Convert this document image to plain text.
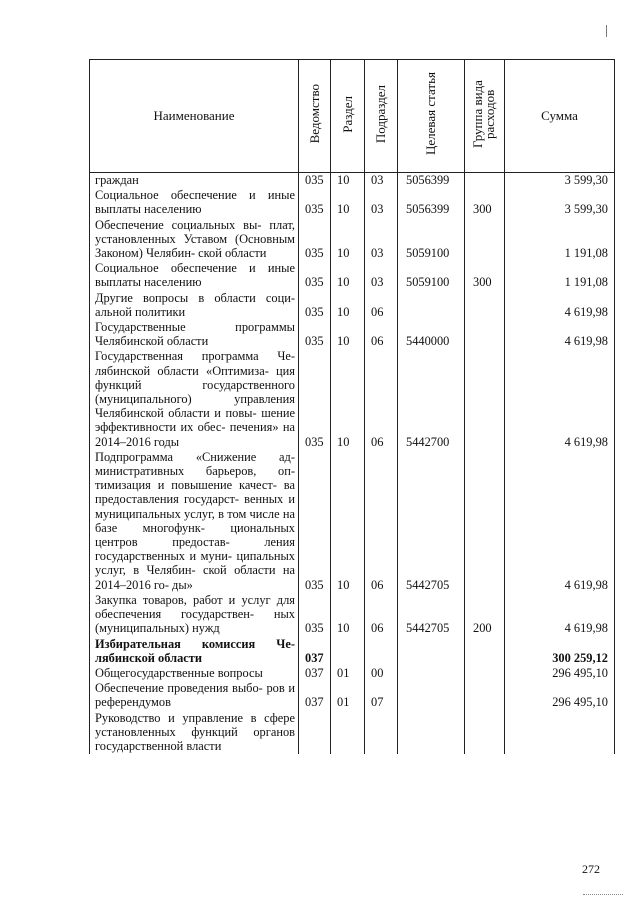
Наименование	Ведомство	Раздел	Подраздел	Целевая статья	Группа вида расходов	Сумма
граждан	035	10	03	5056399		3 599,30
Социальное обеспечение и иные выплаты населению	035	10	03	5056399	300	3 599,30
Обеспечение социальных вы- плат, установленных Уставом (Основным Законом) Челябин- ской области	035	10	03	5059100		1 191,08
Социальное обеспечение и иные выплаты населению	035	10	03	5059100	300	1 191,08
Другие вопросы в области соци- альной политики	035	10	06			4 619,98
Государственные программы Челябинской области	035	10	06	5440000		4 619,98
Государственная программа Че- лябинской области «Оптимиза- ция функций государственного (муниципального) управления Челябинской области и повы- шение эффективности их обес- печения» на 2014–2016 годы	035	10	06	5442700		4 619,98
Подпрограмма «Снижение ад- министративных барьеров, оп- тимизация и повышение качест- ва предоставления государст- венных и муниципальных услуг, в том числе на базе многофунк- циональных центров предостав- ления государственных и муни- ципальных услуг, в Челябин- ской области на 2014–2016 го- ды»	035	10	06	5442705		4 619,98
Закупка товаров, работ и услуг для обеспечения государствен- ных (муниципальных) нужд	035	10	06	5442705	200	4 619,98
Избирательная комиссия Че- лябинской области	037					300 259,12
Общегосударственные вопросы	037	01	00			296 495,10
Обеспечение проведения выбо- ров и референдумов	037	01	07			296 495,10
Руководство и управление в сфере установленных функций органов государственной власти						
272
